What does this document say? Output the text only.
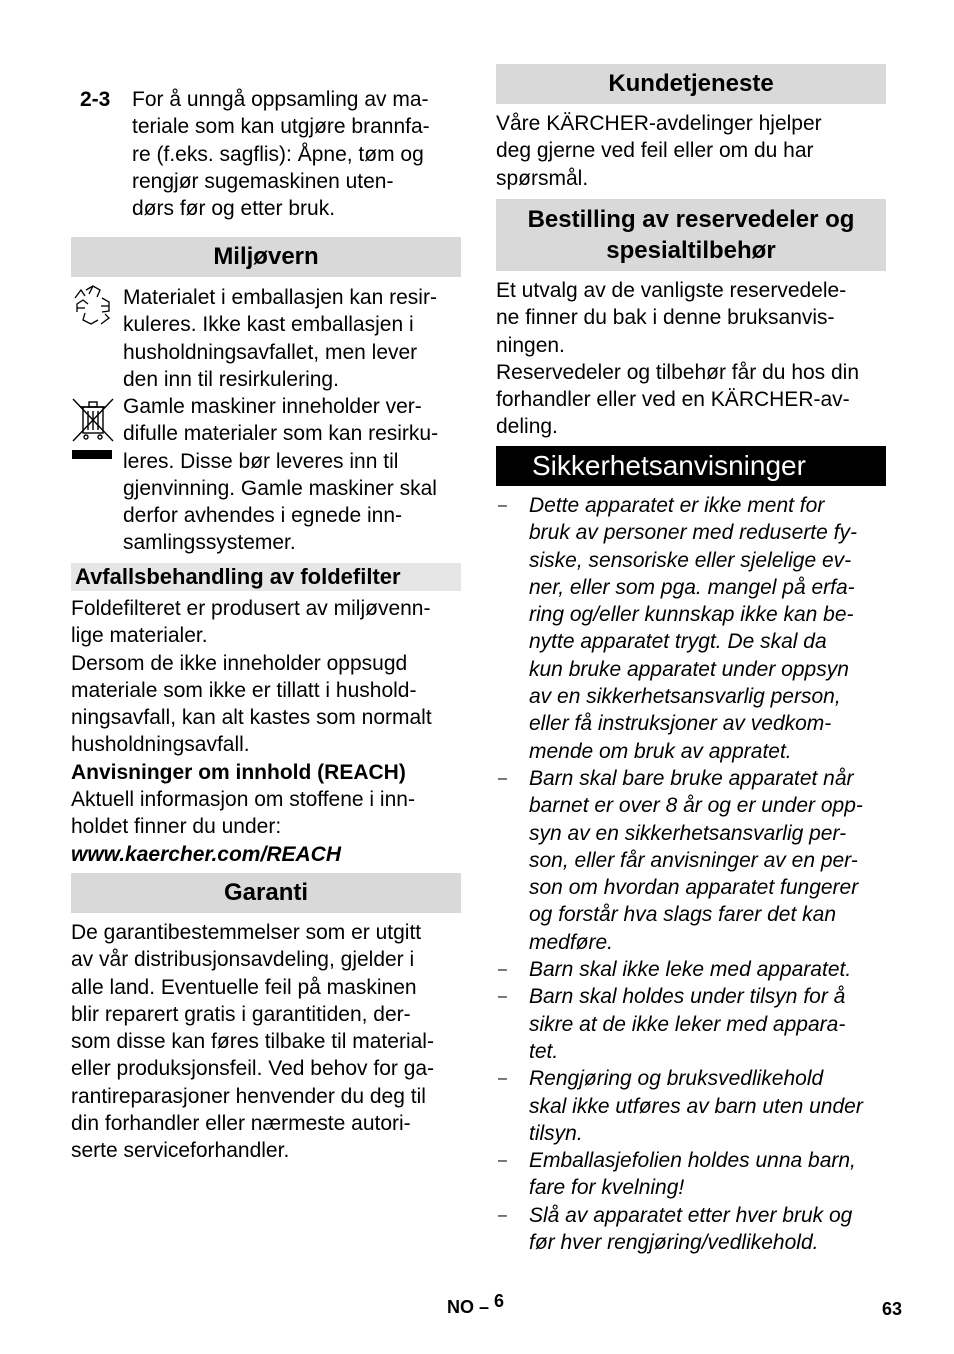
2-3 For å unngå oppsamling av ma-
teriale som kan utgjøre brannfa-
re (f.eks. sagflis): Åpne, tøm og
rengjør sugemaskinen uten-
dørs før og etter bruk.

Miljøvern

Materialet i emballasjen kan resir-
kuleres. Ikke kast emballasjen i
husholdningsavfallet, men lever
den inn til resirkulering.

Gamle maskiner inneholder ver-
difulle materialer som kan resirku-
leres. Disse bør leveres inn til
gjenvinning. Gamle maskiner skal
derfor avhendes i egnede inn-
samlingssystemer.

Avfallsbehandling av foldefilter

Foldefilteret er produsert av miljøvenn-
lige materialer.

Dersom de ikke inneholder oppsugd
materiale som ikke er tillatt i hushold-
ningsavfall, kan alt kastes som normalt
husholdningsavfall.

Anvisninger om innhold (REACH)

Aktuell informasjon om stoffene i inn-
holdet finner du under:

www.kaercher.com/REACH

Garanti

De garantibestemmelser som er utgitt
av vår distribusjonsavdeling, gjelder i
alle land. Eventuelle feil på maskinen
blir reparert gratis i garantitiden, der-
som disse kan føres tilbake til material-
eller produksjonsfeil. Ved behov for ga-
rantireparasjoner henvender du deg til
din forhandler eller nærmeste autori-
serte serviceforhandler.

Kundetjeneste

Våre KÄRCHER-avdelinger hjelper
deg gjerne ved feil eller om du har
spørsmål.

Bestilling av reservedeler og
spesialtilbehør

Et utvalg av de vanligste reservedele-
ne finner du bak i denne bruksanvis-
ningen.

Reservedeler og tilbehør får du hos din
forhandler eller ved en KÄRCHER-av-
deling.

Sikkerhetsanvisninger
– Dette apparatet er ikke ment for
bruk av personer med reduserte fy-
siske, sensoriske eller sjelelige ev-
ner, eller som pga. mangel på erfa-
ring og/eller kunnskap ikke kan be-
nytte apparatet trygt. De skal da
kun bruke apparatet under oppsyn
av en sikkerhetsansvarlig person,
eller få instruksjoner av vedkom-
mende om bruk av appratet.
– Barn skal bare bruke apparatet når
barnet er over 8 år og er under opp-
syn av en sikkerhetsansvarlig per-
son, eller får anvisninger av en per-
son om hvordan apparatet fungerer
og forstår hva slags farer det kan
medføre.
– Barn skal ikke leke med apparatet.
– Barn skal holdes under tilsyn for å
sikre at de ikke leker med appara-
tet.
– Rengjøring og bruksvedlikehold
skal ikke utføres av barn uten under
tilsyn.
– Emballasjefolien holdes unna barn,
fare for kvelning!
– Slå av apparatet etter hver bruk og
før hver rengjøring/vedlikehold.
NO – 6	63
